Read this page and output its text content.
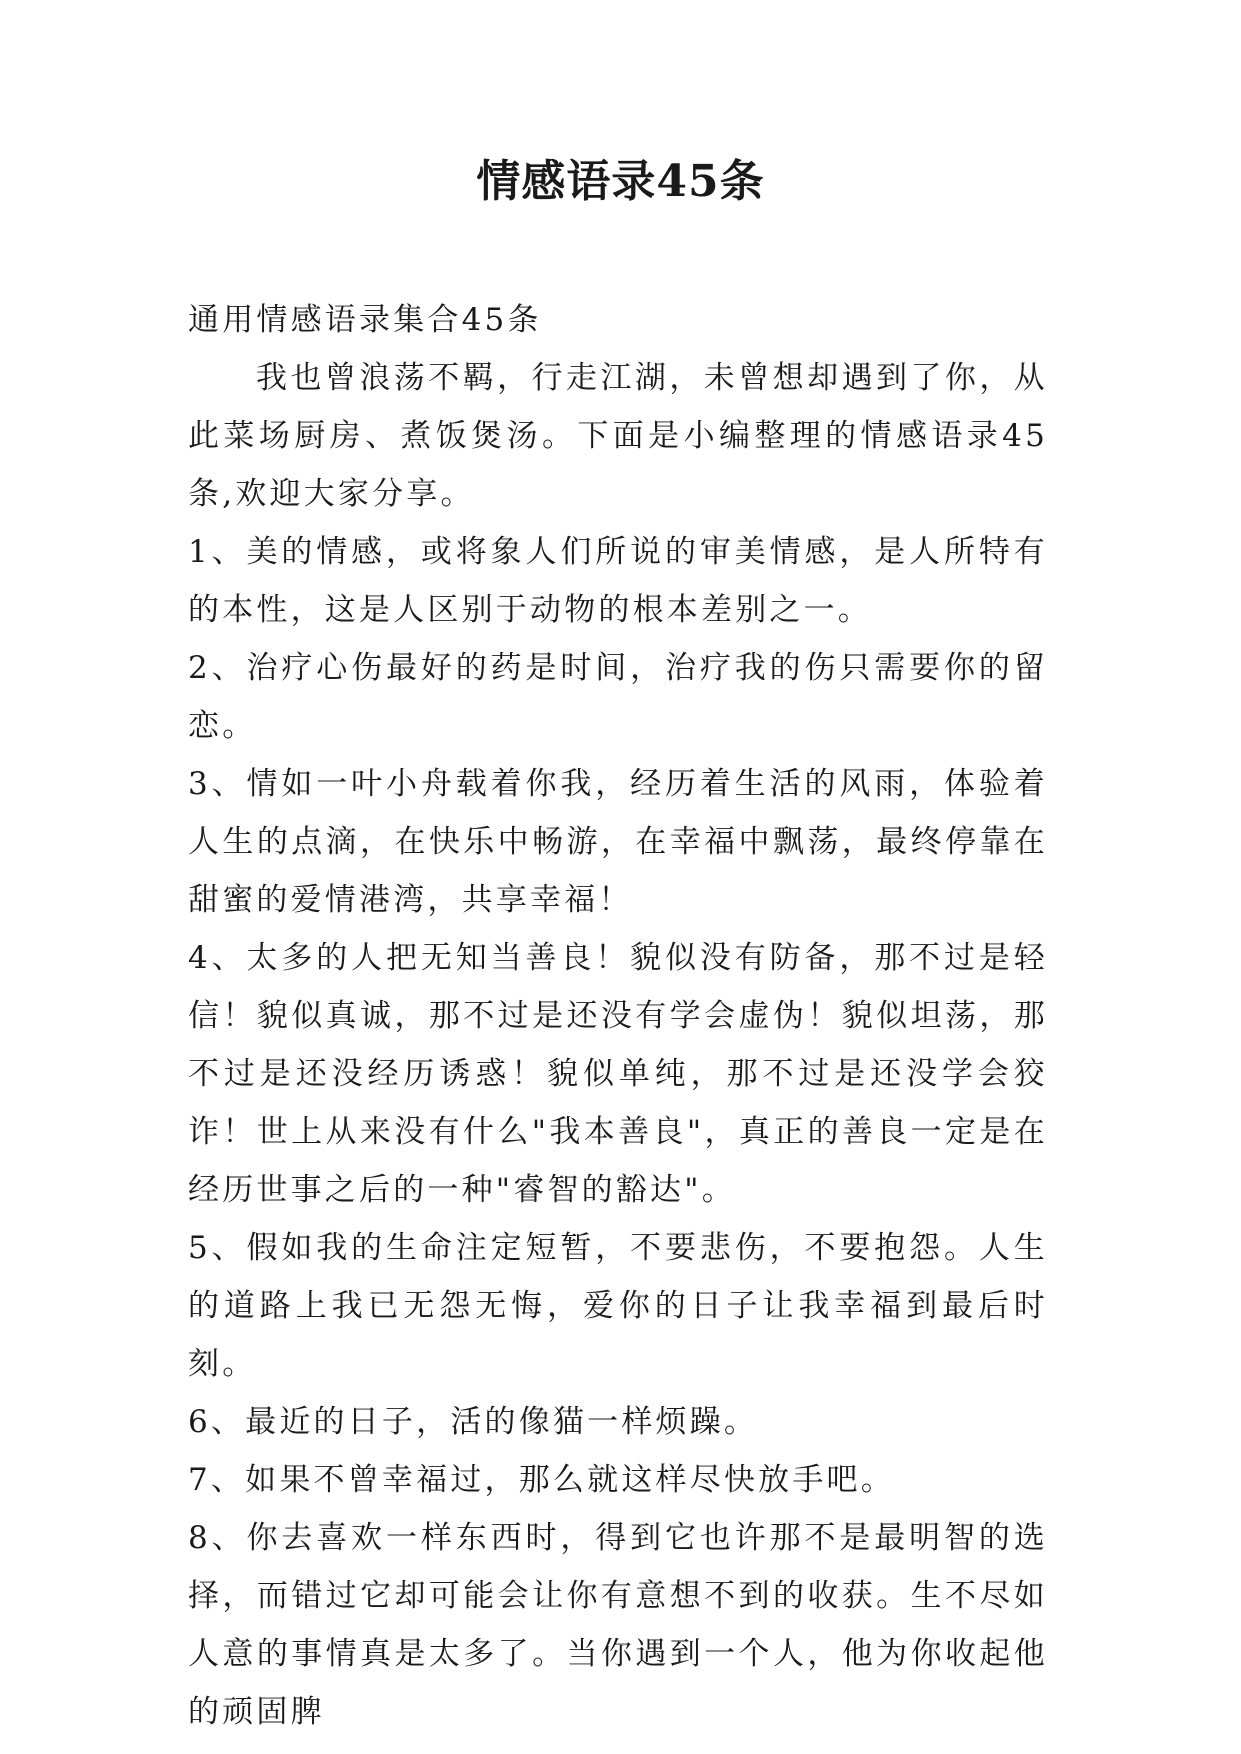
情感语录45条

通用情感语录集合45条

我也曾浪荡不羁，行走江湖，未曾想却遇到了你，从此菜场厨房、煮饭煲汤。下面是小编整理的情感语录45条,欢迎大家分享。

1、美的情感，或将象人们所说的审美情感，是人所特有的本性，这是人区别于动物的根本差别之一。

2、治疗心伤最好的药是时间，治疗我的伤只需要你的留恋。

3、情如一叶小舟载着你我，经历着生活的风雨，体验着人生的点滴，在快乐中畅游，在幸福中飘荡，最终停靠在甜蜜的爱情港湾，共享幸福！

4、太多的人把无知当善良！貌似没有防备，那不过是轻信！貌似真诚，那不过是还没有学会虚伪！貌似坦荡，那不过是还没经历诱惑！貌似单纯，那不过是还没学会狡诈！世上从来没有什么"我本善良"，真正的善良一定是在经历世事之后的一种"睿智的豁达"。

5、假如我的生命注定短暂，不要悲伤，不要抱怨。人生的道路上我已无怨无悔，爱你的日子让我幸福到最后时刻。

6、最近的日子，活的像猫一样烦躁。

7、如果不曾幸福过，那么就这样尽快放手吧。

8、你去喜欢一样东西时，得到它也许那不是最明智的选择，而错过它却可能会让你有意想不到的收获。生不尽如人意的事情真是太多了。当你遇到一个人，他为你收起他的顽固脾
